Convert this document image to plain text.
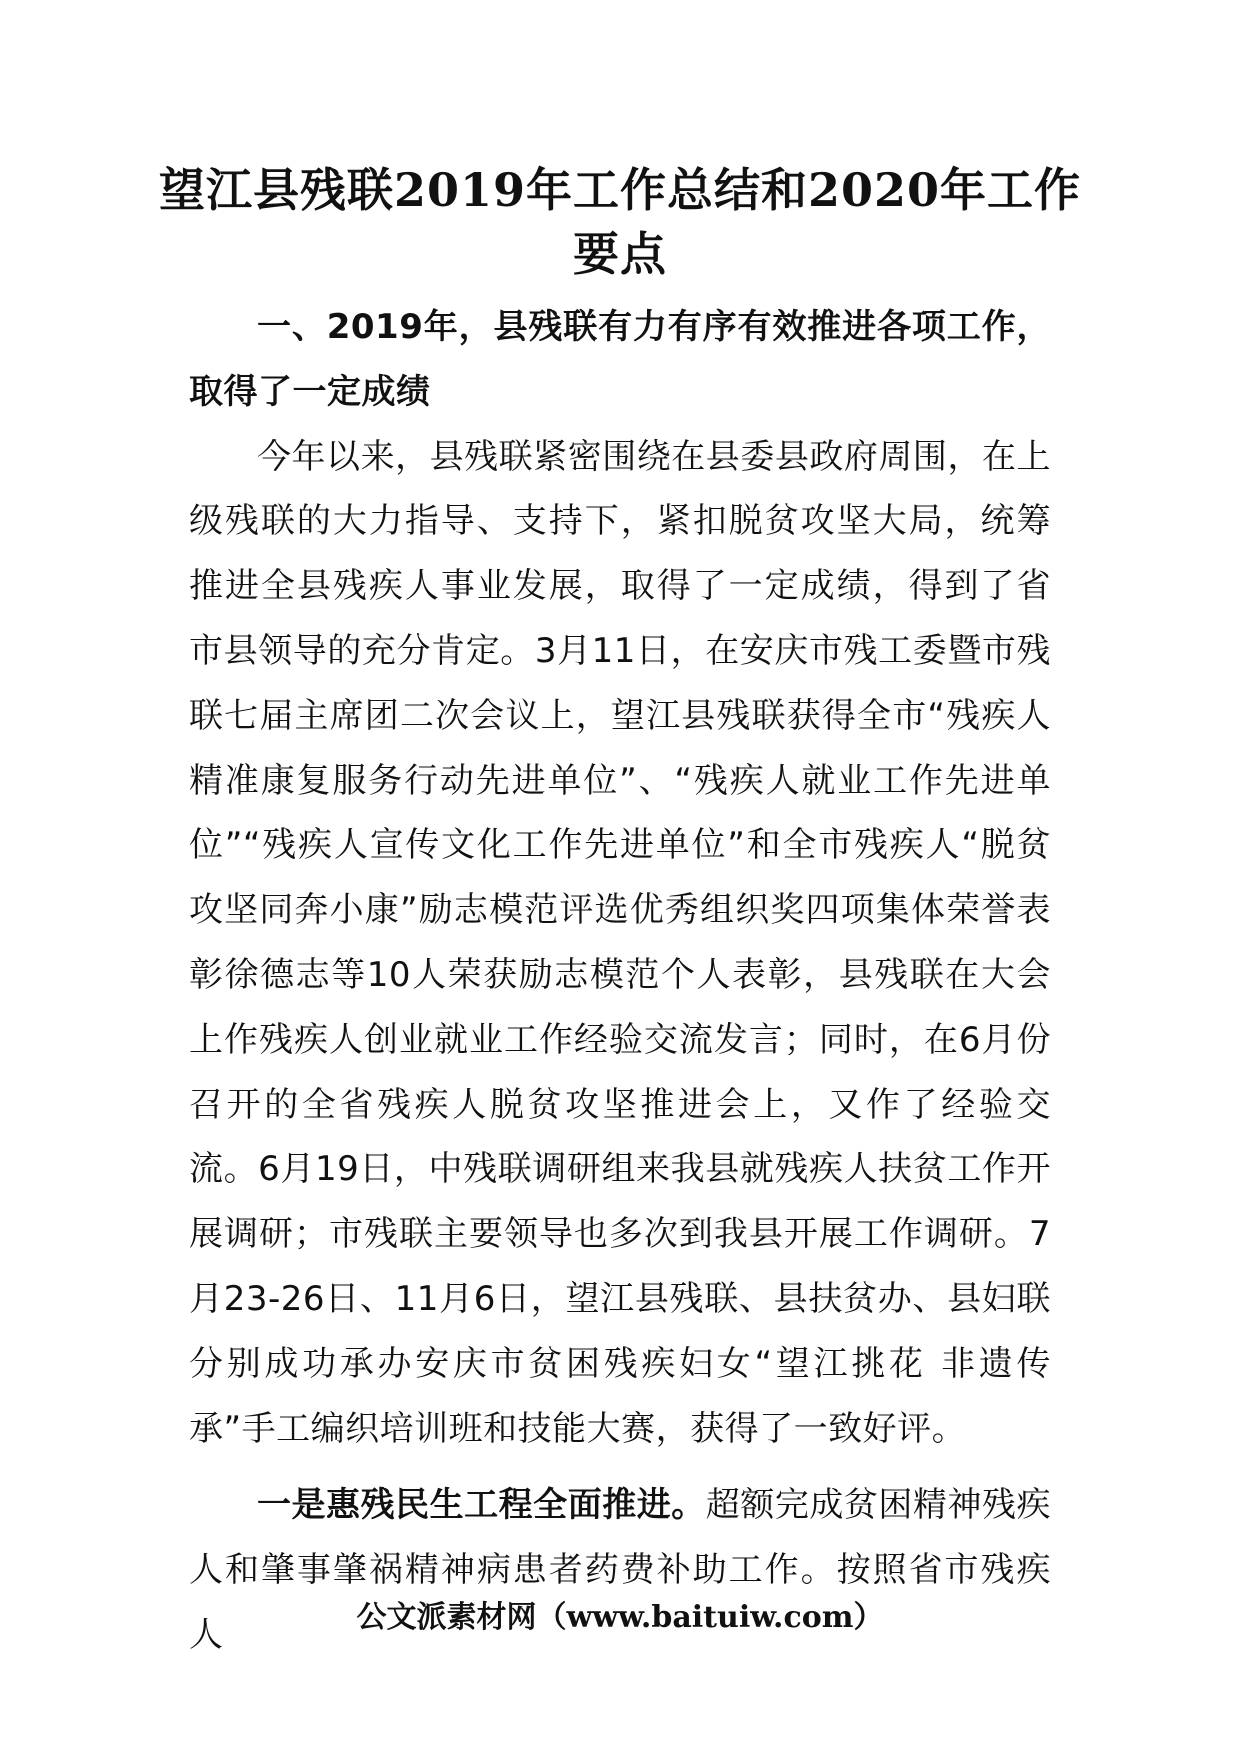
望江县残联2019年工作总结和2020年工作要点

一、2019年，县残联有力有序有效推进各项工作，取得了一定成绩

今年以来，县残联紧密围绕在县委县政府周围，在上级残联的大力指导、支持下，紧扣脱贫攻坚大局，统筹推进全县残疾人事业发展，取得了一定成绩，得到了省市县领导的充分肯定。3月11日，在安庆市残工委暨市残联七届主席团二次会议上，望江县残联获得全市“残疾人精准康复服务行动先进单位”、“残疾人就业工作先进单位”“残疾人宣传文化工作先进单位”和全市残疾人“脱贫攻坚同奔小康”励志模范评选优秀组织奖四项集体荣誉表彰徐德志等10人荣获励志模范个人表彰，县残联在大会上作残疾人创业就业工作经验交流发言；同时，在6月份召开的全省残疾人脱贫攻坚推进会上，又作了经验交流。6月19日，中残联调研组来我县就残疾人扶贫工作开展调研；市残联主要领导也多次到我县开展工作调研。7月23-26日、11月6日，望江县残联、县扶贫办、县妇联分别成功承办安庆市贫困残疾妇女“望江挑花 非遗传承”手工编织培训班和技能大赛，获得了一致好评。

一是惠残民生工程全面推进。超额完成贫困精神残疾人和肇事肇祸精神病患者药费补助工作。按照省市残疾人	公文派素材网（www.baituiw.com）
